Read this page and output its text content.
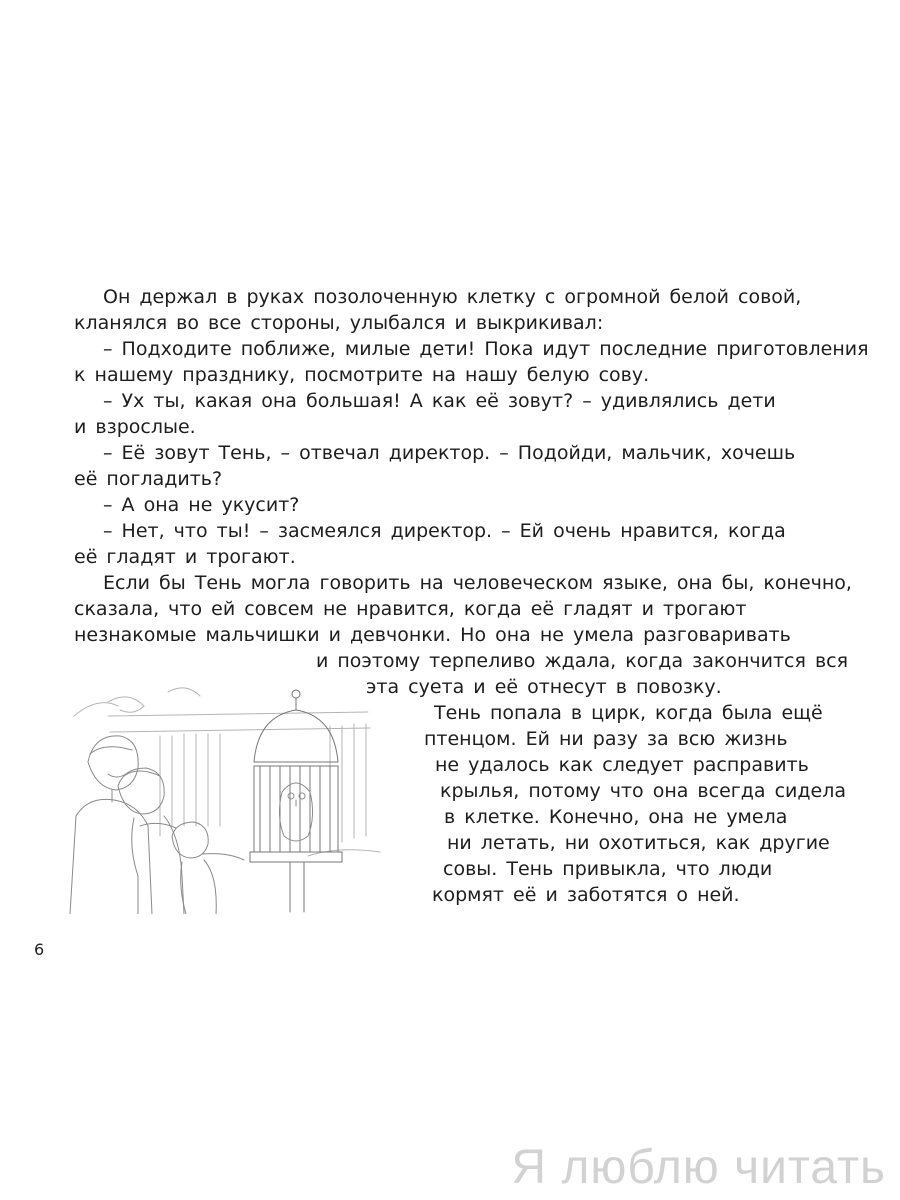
Он держал в руках позолоченную клетку с огромной белой совой,
кланялся во все стороны, улыбался и выкрикивал:
– Подходите поближе, милые дети! Пока идут последние приготовления
к нашему празднику, посмотрите на нашу белую сову.
– Ух ты, какая она большая! А как её зовут? – удивлялись дети
и взрослые.
– Её зовут Тень, – отвечал директор. – Подойди, мальчик, хочешь
её погладить?
– А она не укусит?
– Нет, что ты! – засмеялся директор. – Ей очень нравится, когда
её гладят и трогают.
Если бы Тень могла говорить на человеческом языке, она бы, конечно,
сказала, что ей совсем не нравится, когда её гладят и трогают
незнакомые мальчишки и девчонки. Но она не умела разговаривать
и поэтому терпеливо ждала, когда закончится вся
эта суета и её отнесут в повозку.
Тень попала в цирк, когда была ещё
птенцом. Ей ни разу за всю жизнь
не удалось как следует расправить
крылья, потому что она всегда сидела
в клетке. Конечно, она не умела
ни летать, ни охотиться, как другие
совы. Тень привыкла, что люди
кормят её и заботятся о ней.
6
Я люблю читать
